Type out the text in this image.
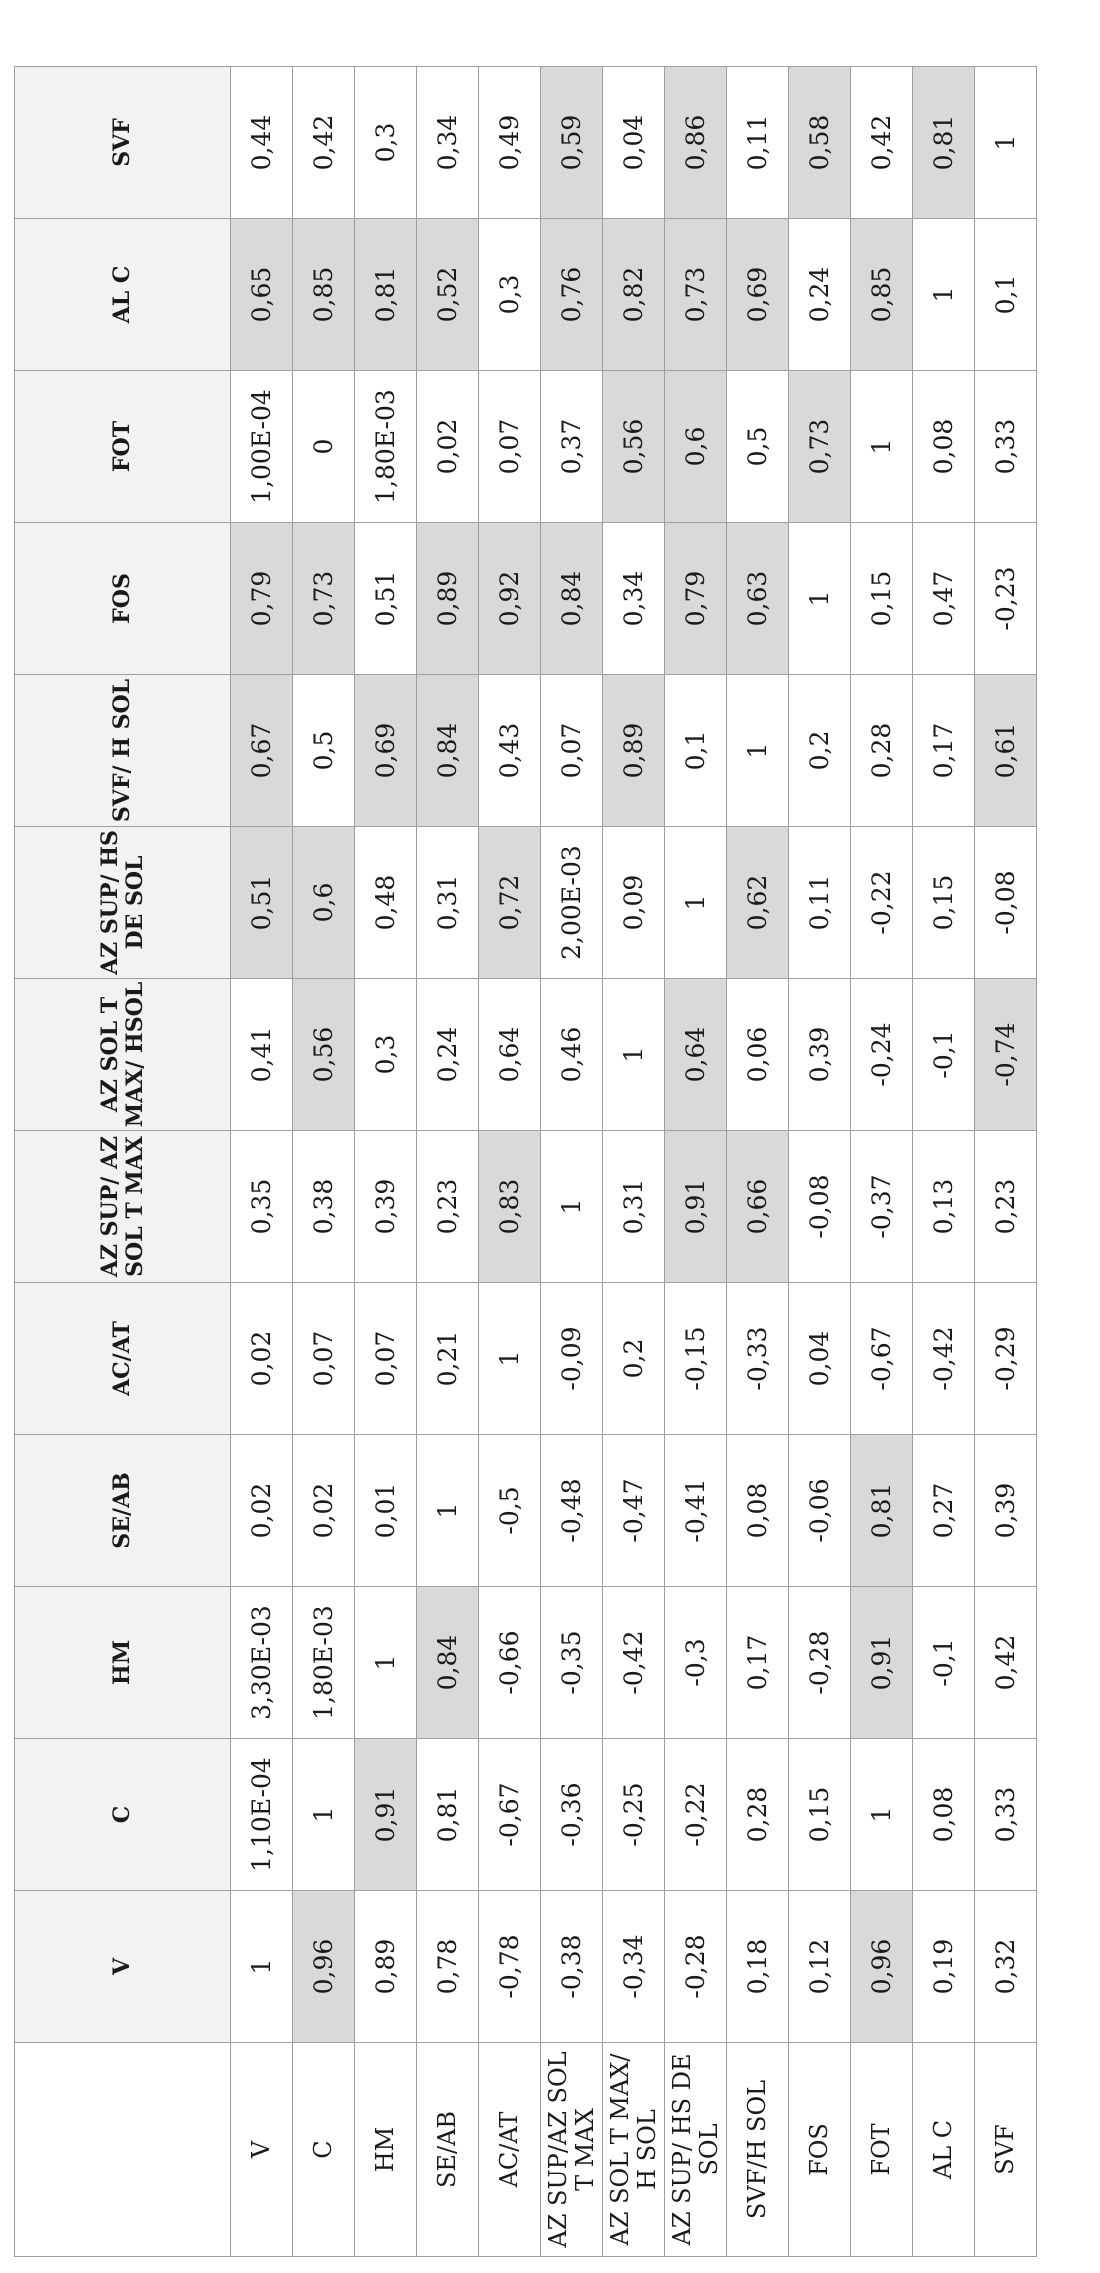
	V	C	HM	SE/AB	AC/AT	AZ SUP/ AZ SOL T MAX	AZ SOL T MAX/ HSOL	AZ SUP/ HS DE SOL	SVF/ H SOL	FOS	FOT	AL C	SVF
V	1	1,10E-04	3,30E-03	0,02	0,02	0,35	0,41	0,51	0,67	0,79	1,00E-04	0,65	0,44
C	0,96	1	1,80E-03	0,02	0,07	0,38	0,56	0,6	0,5	0,73	0	0,85	0,42
HM	0,89	0,91	1	0,01	0,07	0,39	0,3	0,48	0,69	0,51	1,80E-03	0,81	0,3
SE/AB	0,78	0,81	0,84	1	0,21	0,23	0,24	0,31	0,84	0,89	0,02	0,52	0,34
AC/AT	-0,78	-0,67	-0,66	-0,5	1	0,83	0,64	0,72	0,43	0,92	0,07	0,3	0,49
AZ SUP/AZ SOL T MAX	-0,38	-0,36	-0,35	-0,48	-0,09	1	0,46	2,00E-03	0,07	0,84	0,37	0,76	0,59
AZ SOL T MAX/ H SOL	-0,34	-0,25	-0,42	-0,47	0,2	0,31	1	0,09	0,89	0,34	0,56	0,82	0,04
AZ SUP/ HS DE SOL	-0,28	-0,22	-0,3	-0,41	-0,15	0,91	0,64	1	0,1	0,79	0,6	0,73	0,86
SVF/H SOL	0,18	0,28	0,17	0,08	-0,33	0,66	0,06	0,62	1	0,63	0,5	0,69	0,11
FOS	0,12	0,15	-0,28	-0,06	0,04	-0,08	0,39	0,11	0,2	1	0,73	0,24	0,58
FOT	0,96	1	0,91	0,81	-0,67	-0,37	-0,24	-0,22	0,28	0,15	1	0,85	0,42
AL C	0,19	0,08	-0,1	0,27	-0,42	0,13	-0,1	0,15	0,17	0,47	0,08	1	0,81
SVF	0,32	0,33	0,42	0,39	-0,29	0,23	-0,74	-0,08	0,61	-0,23	0,33	0,1	1
